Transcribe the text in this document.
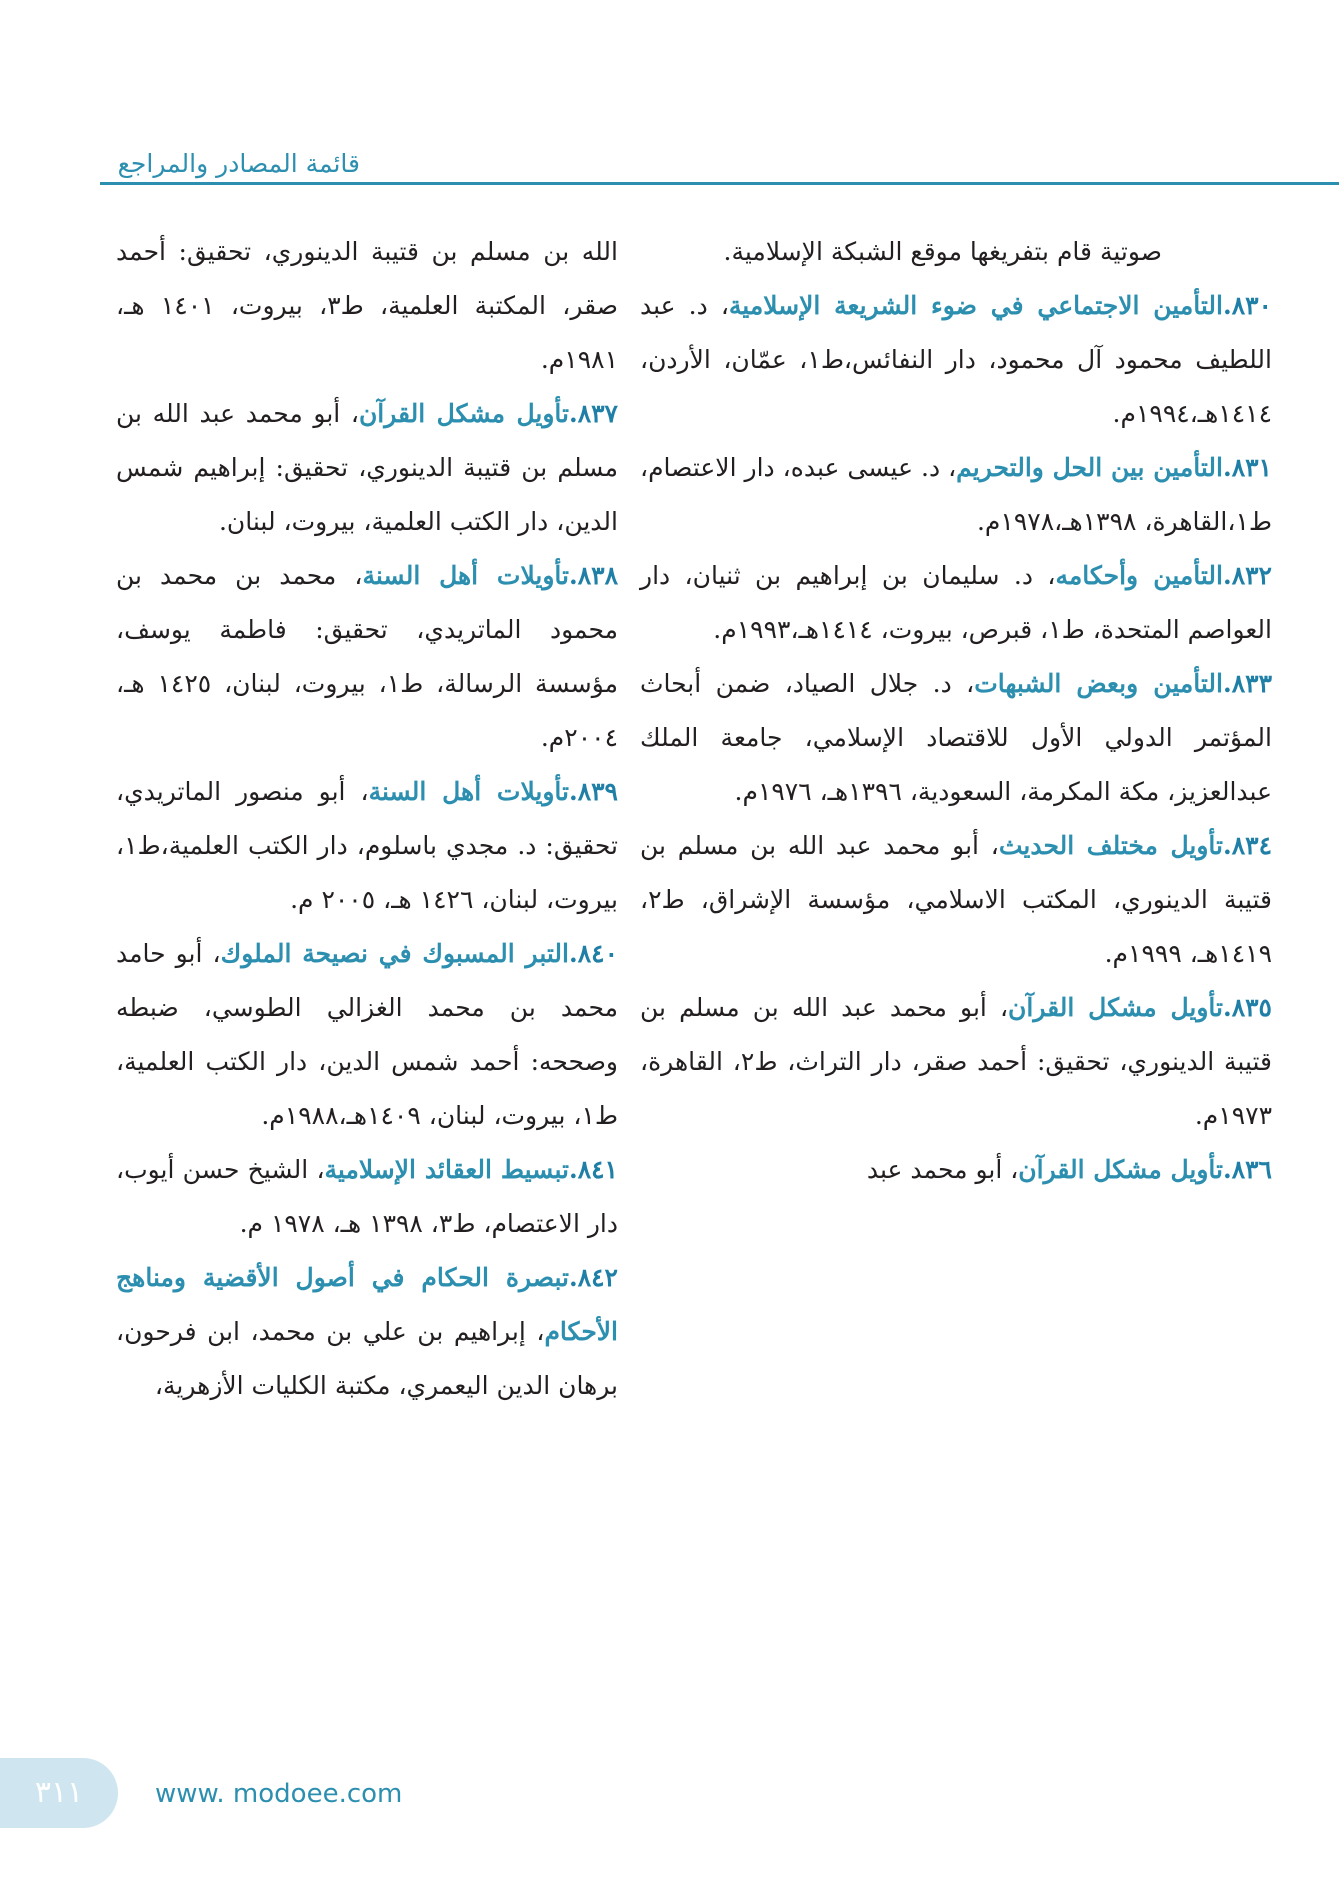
قائمة المصادر والمراجع

صوتية قام بتفريغها موقع الشبكة الإسلامية.

٨٣٠.التأمين الاجتماعي في ضوء الشريعة الإسلامية، د. عبد اللطيف محمود آل محمود، دار النفائس،ط١، عمّان، الأردن، ١٤١٤هـ،١٩٩٤م.

٨٣١.التأمين بين الحل والتحريم، د. عيسى عبده، دار الاعتصام، ط١،القاهرة، ١٣٩٨هـ،١٩٧٨م.

٨٣٢.التأمين وأحكامه، د. سليمان بن إبراهيم بن ثنيان، دار العواصم المتحدة، ط١، قبرص، بيروت، ١٤١٤هـ،١٩٩٣م.

٨٣٣.التأمين وبعض الشبهات، د. جلال الصياد، ضمن أبحاث المؤتمر الدولي الأول للاقتصاد الإسلامي، جامعة الملك عبدالعزيز، مكة المكرمة، السعودية، ١٣٩٦هـ، ١٩٧٦م.

٨٣٤.تأويل مختلف الحديث، أبو محمد عبد الله بن مسلم بن قتيبة الدينوري، المكتب الاسلامي، مؤسسة الإشراق، ط٢، ١٤١٩هـ، ١٩٩٩م.

٨٣٥.تأويل مشكل القرآن، أبو محمد عبد الله بن مسلم بن قتيبة الدينوري، تحقيق: أحمد صقر، دار التراث، ط٢، القاهرة، ١٩٧٣م.

٨٣٦.تأويل مشكل القرآن، أبو محمد عبد

الله بن مسلم بن قتيبة الدينوري، تحقيق: أحمد صقر، المكتبة العلمية، ط٣، بيروت، ١٤٠١ هـ، ١٩٨١م.

٨٣٧.تأويل مشكل القرآن، أبو محمد عبد الله بن مسلم بن قتيبة الدينوري، تحقيق: إبراهيم شمس الدين، دار الكتب العلمية، بيروت، لبنان.

٨٣٨.تأويلات أهل السنة، محمد بن محمد بن محمود الماتريدي، تحقيق: فاطمة يوسف، مؤسسة الرسالة، ط١، بيروت، لبنان، ١٤٢٥ هـ، ٢٠٠٤م.

٨٣٩.تأويلات أهل السنة، أبو منصور الماتريدي، تحقيق: د. مجدي باسلوم، دار الكتب العلمية،ط١، بيروت، لبنان، ١٤٢٦ هـ، ٢٠٠٥ م.

٨٤٠.التبر المسبوك في نصيحة الملوك، أبو حامد محمد بن محمد الغزالي الطوسي، ضبطه وصححه: أحمد شمس الدين، دار الكتب العلمية، ط١، بيروت، لبنان، ١٤٠٩هـ،١٩٨٨م.

٨٤١.تبسيط العقائد الإسلامية، الشيخ حسن أيوب، دار الاعتصام، ط٣، ١٣٩٨ هـ، ١٩٧٨ م.

٨٤٢.تبصرة الحكام في أصول الأقضية ومناهج الأحكام، إبراهيم بن علي بن محمد، ابن فرحون، برهان الدين اليعمري، مكتبة الكليات الأزهرية،

٣١١	www. modoee.com
